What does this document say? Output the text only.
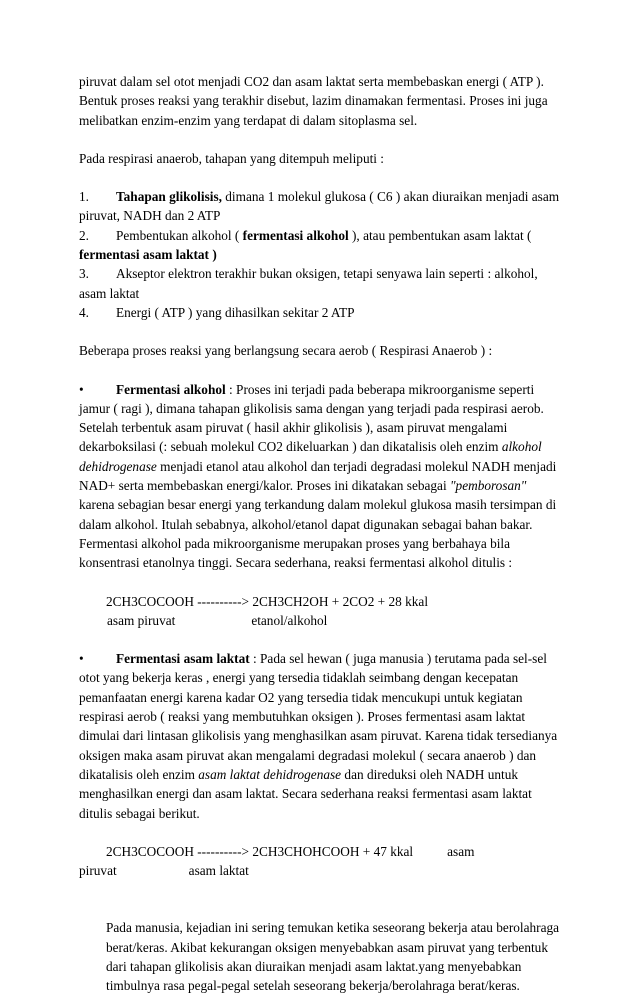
piruvat dalam sel otot menjadi CO2 dan asam laktat serta membebaskan energi ( ATP ). Bentuk proses reaksi yang terakhir disebut, lazim dinamakan fermentasi. Proses ini juga melibatkan enzim-enzim yang terdapat di dalam sitoplasma sel.

Pada respirasi anaerob, tahapan yang ditempuh meliputi :

1. Tahapan glikolisis, dimana 1 molekul glukosa ( C6 ) akan diuraikan menjadi asam piruvat, NADH dan 2 ATP

2. Pembentukan alkohol ( fermentasi alkohol ), atau pembentukan asam laktat ( fermentasi asam laktat )

3. Akseptor elektron terakhir bukan oksigen, tetapi senyawa lain seperti : alkohol, asam laktat

4. Energi ( ATP ) yang dihasilkan sekitar 2 ATP

Beberapa proses reaksi yang berlangsung secara aerob ( Respirasi Anaerob ) :

• Fermentasi alkohol : Proses ini terjadi pada beberapa mikroorganisme seperti jamur ( ragi ), dimana tahapan glikolisis sama dengan yang terjadi pada respirasi aerob. Setelah terbentuk asam piruvat ( hasil akhir glikolisis ), asam piruvat mengalami dekarboksilasi (: sebuah molekul CO2 dikeluarkan ) dan dikatalisis oleh enzim alkohol dehidrogenase menjadi etanol atau alkohol dan terjadi degradasi molekul NADH menjadi NAD+ serta membebaskan energi/kalor. Proses ini dikatakan sebagai "pemborosan" karena sebagian besar energi yang terkandung dalam molekul glukosa masih tersimpan di dalam alkohol. Itulah sebabnya, alkohol/etanol dapat digunakan sebagai bahan bakar. Fermentasi alkohol pada mikroorganisme merupakan proses yang berbahaya bila konsentrasi etanolnya tinggi. Secara sederhana, reaksi fermentasi alkohol ditulis :

2CH3COCOOH ----------> 2CH3CH2OH + 2CO2 + 28 kkal

asam piruvat	etanol/alkohol

• Fermentasi asam laktat : Pada sel hewan ( juga manusia ) terutama pada sel-sel otot yang bekerja keras , energi yang tersedia tidaklah seimbang dengan kecepatan pemanfaatan energi karena kadar O2 yang tersedia tidak mencukupi untuk kegiatan respirasi aerob ( reaksi yang membutuhkan oksigen ). Proses fermentasi asam laktat dimulai dari lintasan glikolisis yang menghasilkan asam piruvat. Karena tidak tersedianya oksigen maka asam piruvat akan mengalami degradasi molekul ( secara anaerob ) dan dikatalisis oleh enzim asam laktat dehidrogenase dan direduksi oleh NADH untuk menghasilkan energi dan asam laktat. Secara sederhana reaksi fermentasi asam laktat ditulis sebagai berikut.

2CH3COCOOH ----------> 2CH3CHOHCOOH + 47 kkal	asam

piruvat	asam laktat

Pada manusia, kejadian ini sering temukan ketika seseorang bekerja atau berolahraga berat/keras. Akibat kekurangan oksigen menyebabkan asam piruvat yang terbentuk dari tahapan glikolisis akan diuraikan menjadi asam laktat.yang menyebabkan timbulnya rasa pegal-pegal setelah seseorang bekerja/berolahraga berat/keras.
